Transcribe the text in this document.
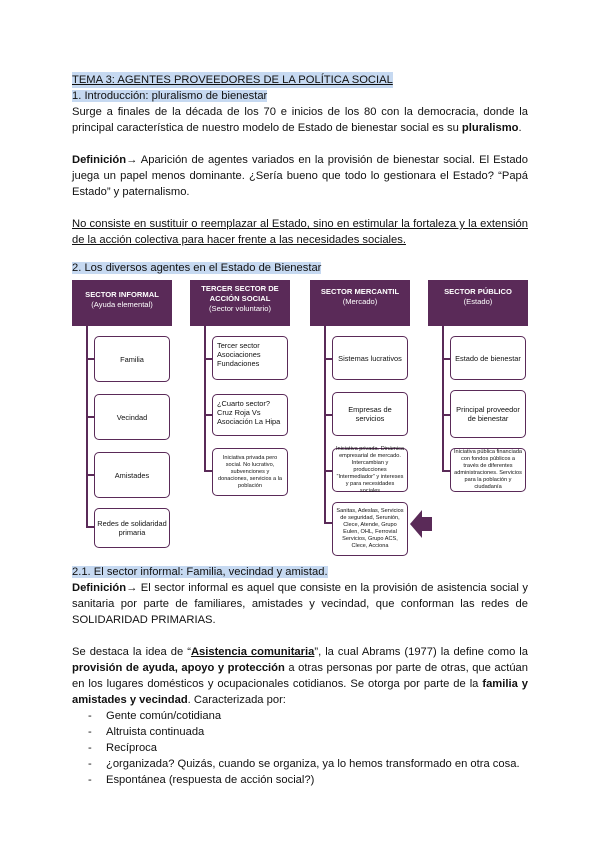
TEMA 3: AGENTES PROVEEDORES DE LA POLÍTICA SOCIAL
1. Introducción: pluralismo de bienestar

Surge a finales de la década de los 70 e inicios de los 80 con la democracia, donde la principal característica de nuestro modelo de Estado de bienestar social es su pluralismo.

Definición→ Aparición de agentes variados en la provisión de bienestar social. El Estado juega un papel menos dominante. ¿Sería bueno que todo lo gestionara el Estado? “Papá Estado” y paternalismo.

No consiste en sustituir o reemplazar al Estado, sino en estimular la fortaleza y la extensión de la acción colectiva para hacer frente a las necesidades sociales.

2. Los diversos agentes en el Estado de Bienestar
SECTOR INFORMAL
(Ayuda elemental)
Familia
Vecindad
Amistades
Redes de solidaridad primaria
TERCER SECTOR DE ACCIÓN SOCIAL
(Sector voluntario)
Tercer sector
Asociaciones
Fundaciones
¿Cuarto sector?
Cruz Roja Vs
Asociación La Hipa
Iniciativa privada pero social. No lucrativo, subvenciones y donaciones, servicios a la población
SECTOR MERCANTIL
(Mercado)
Sistemas lucrativos
Empresas de servicios
Iniciativa privada. Dinámica empresarial de mercado. Intercambian y producciones “Intermediador” y intereses y para necesidades sociales
Sanitas, Adeslas, Servicios de seguridad, Serunión, Clece, Atende, Grupo Eulen, OHL, Ferrovial Servicios, Grupo ACS, Clece, Acciona
SECTOR PÚBLICO
(Estado)
Estado de bienestar
Principal proveedor de bienestar
Iniciativa pública financiada con fondos públicos a través de diferentes administraciones. Servicios para la población y ciudadanía
2.1. El sector informal: Familia, vecindad y amistad.

Definición→ El sector informal es aquel que consiste en la provisión de asistencia social y sanitaria por parte de familiares, amistades y vecindad, que conforman las redes de SOLIDARIDAD PRIMARIAS.

Se destaca la idea de “Asistencia comunitaria”, la cual Abrams (1977) la define como la provisión de ayuda, apoyo y protección a otras personas por parte de otras, que actúan en los lugares domésticos y ocupacionales cotidianos. Se otorga por parte de la familia y amistades y vecindad. Caracterizada por:

- Gente común/cotidiana
- Altruista continuada
- Recíproca
- ¿organizada? Quizás, cuando se organiza, ya lo hemos transformado en otra cosa.
- Espontánea (respuesta de acción social?)
